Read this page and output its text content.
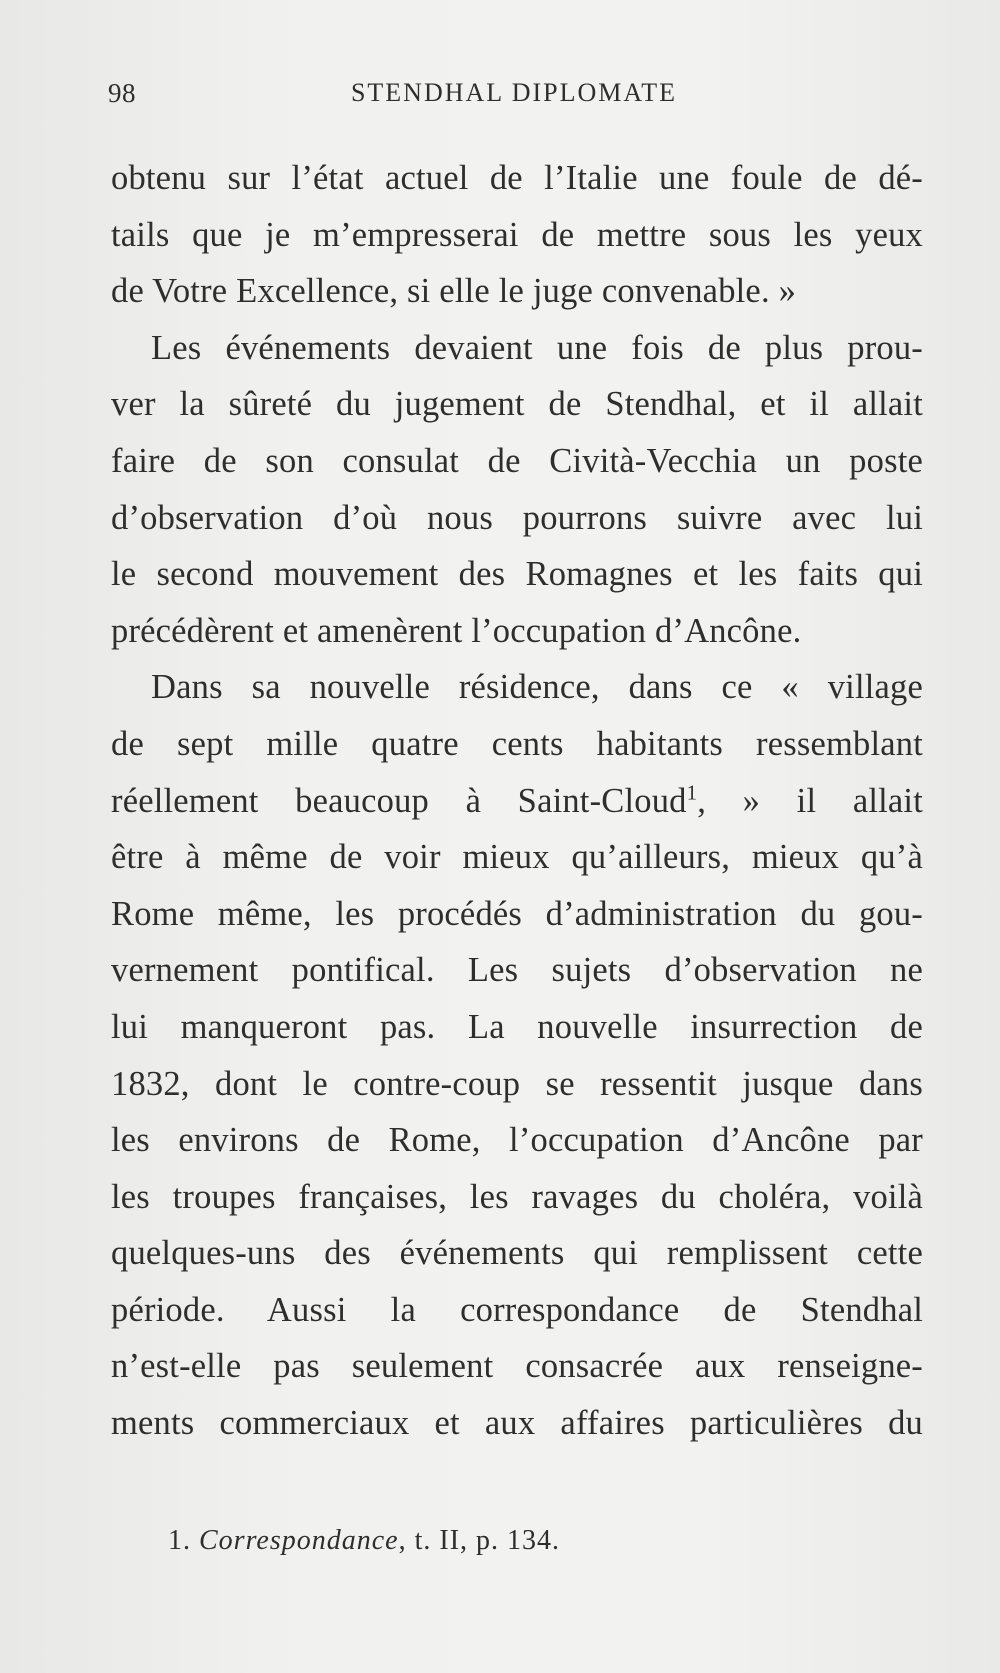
98	STENDHAL DIPLOMATE
obtenu sur l’état actuel de l’Italie une foule de dé-
tails que je m’empresserai de mettre sous les yeux
de Votre Excellence, si elle le juge convenable. »
Les événements devaient une fois de plus prou-
ver la sûreté du jugement de Stendhal, et il allait
faire de son consulat de Cività-Vecchia un poste
d’observation d’où nous pourrons suivre avec lui
le second mouvement des Romagnes et les faits qui
précédèrent et amenèrent l’occupation d’Ancône.
Dans sa nouvelle résidence, dans ce « village
de sept mille quatre cents habitants ressemblant
réellement beaucoup à Saint-Cloud$^1$, » il allait
être à même de voir mieux qu’ailleurs, mieux qu’à
Rome même, les procédés d’administration du gou-
vernement pontifical. Les sujets d’observation ne
lui manqueront pas. La nouvelle insurrection de
1832, dont le contre-coup se ressentit jusque dans
les environs de Rome, l’occupation d’Ancône par
les troupes françaises, les ravages du choléra, voilà
quelques-uns des événements qui remplissent cette
période. Aussi la correspondance de Stendhal
n’est-elle pas seulement consacrée aux renseigne-
ments commerciaux et aux affaires particulières du
1. Correspondance, t. II, p. 134.
